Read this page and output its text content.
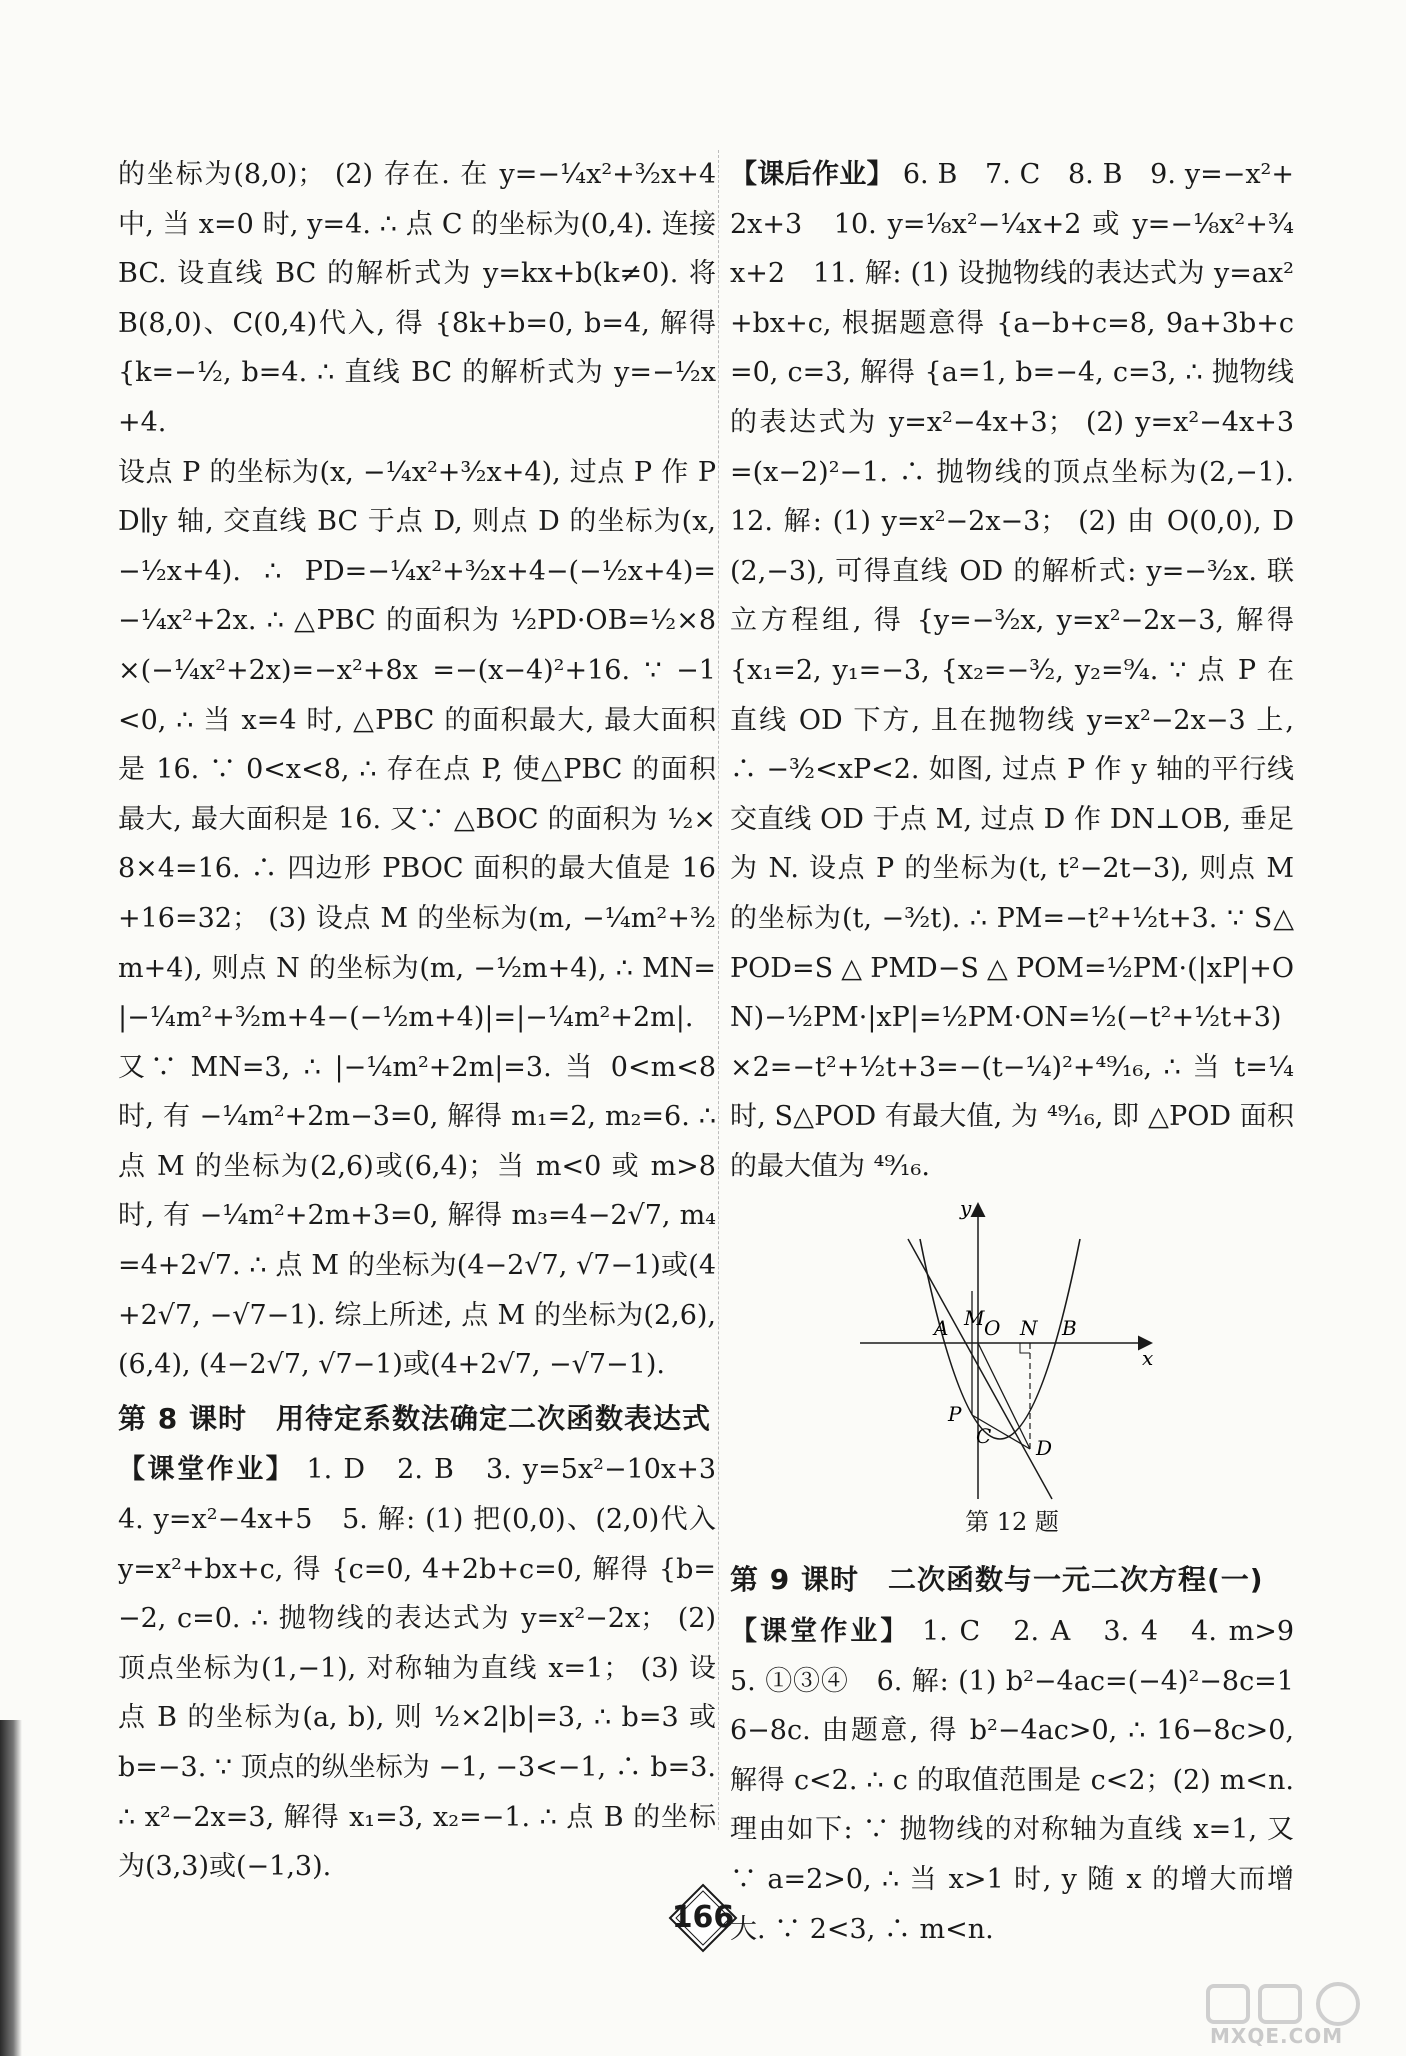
的坐标为(8,0)； (2) 存在. 在 y=−¹⁄₄x²+³⁄₂x+4 中, 当 x=0 时, y=4. ∴ 点 C 的坐标为(0,4). 连接 BC. 设直线 BC 的解析式为 y=kx+b(k≠0). 将 B(8,0)、C(0,4)代入, 得 {8k+b=0, b=4, 解得 {k=−¹⁄₂, b=4. ∴ 直线 BC 的解析式为 y=−¹⁄₂x+4.

设点 P 的坐标为(x, −¹⁄₄x²+³⁄₂x+4), 过点 P 作 PD∥y 轴, 交直线 BC 于点 D, 则点 D 的坐标为(x, −¹⁄₂x+4). ∴ PD=−¹⁄₄x²+³⁄₂x+4−(−¹⁄₂x+4)=−¹⁄₄x²+2x. ∴ △PBC 的面积为 ¹⁄₂PD·OB=¹⁄₂×8×(−¹⁄₄x²+2x)=−x²+8x =−(x−4)²+16. ∵ −1<0, ∴ 当 x=4 时, △PBC 的面积最大, 最大面积是 16. ∵ 0<x<8, ∴ 存在点 P, 使△PBC 的面积最大, 最大面积是 16. 又∵ △BOC 的面积为 ¹⁄₂×8×4=16. ∴ 四边形 PBOC 面积的最大值是 16+16=32； (3) 设点 M 的坐标为(m, −¹⁄₄m²+³⁄₂m+4), 则点 N 的坐标为(m, −¹⁄₂m+4), ∴ MN=|−¹⁄₄m²+³⁄₂m+4−(−¹⁄₂m+4)|=|−¹⁄₄m²+2m|. 又∵ MN=3, ∴ |−¹⁄₄m²+2m|=3. 当 0<m<8 时, 有 −¹⁄₄m²+2m−3=0, 解得 m₁=2, m₂=6. ∴ 点 M 的坐标为(2,6)或(6,4)；当 m<0 或 m>8 时, 有 −¹⁄₄m²+2m+3=0, 解得 m₃=4−2√7, m₄=4+2√7. ∴ 点 M 的坐标为(4−2√7, √7−1)或(4+2√7, −√7−1). 综上所述, 点 M 的坐标为(2,6), (6,4), (4−2√7, √7−1)或(4+2√7, −√7−1).

第 8 课时　用待定系数法确定二次函数表达式

【课堂作业】 1. D　2. B　3. y=5x²−10x+3　4. y=x²−4x+5　5. 解: (1) 把(0,0)、(2,0)代入 y=x²+bx+c, 得 {c=0, 4+2b+c=0, 解得 {b=−2, c=0. ∴ 抛物线的表达式为 y=x²−2x； (2) 顶点坐标为(1,−1), 对称轴为直线 x=1； (3) 设点 B 的坐标为(a, b), 则 ¹⁄₂×2|b|=3, ∴ b=3 或 b=−3. ∵ 顶点的纵坐标为 −1, −3<−1, ∴ b=3. ∴ x²−2x=3, 解得 x₁=3, x₂=−1. ∴ 点 B 的坐标为(3,3)或(−1,3).

【课后作业】 6. B　7. C　8. B　9. y=−x²+2x+3　10. y=¹⁄₈x²−¹⁄₄x+2 或 y=−¹⁄₈x²+³⁄₄x+2　11. 解: (1) 设抛物线的表达式为 y=ax²+bx+c, 根据题意得 {a−b+c=8, 9a+3b+c=0, c=3, 解得 {a=1, b=−4, c=3, ∴ 抛物线的表达式为 y=x²−4x+3； (2) y=x²−4x+3=(x−2)²−1. ∴ 抛物线的顶点坐标为(2,−1).　12. 解: (1) y=x²−2x−3； (2) 由 O(0,0), D(2,−3), 可得直线 OD 的解析式: y=−³⁄₂x. 联立方程组, 得 {y=−³⁄₂x, y=x²−2x−3, 解得 {x₁=2, y₁=−3, {x₂=−³⁄₂, y₂=⁹⁄₄. ∵ 点 P 在直线 OD 下方, 且在抛物线 y=x²−2x−3 上, ∴ −³⁄₂<xP<2. 如图, 过点 P 作 y 轴的平行线交直线 OD 于点 M, 过点 D 作 DN⊥OB, 垂足为 N. 设点 P 的坐标为(t, t²−2t−3), 则点 M 的坐标为(t, −³⁄₂t). ∴ PM=−t²+¹⁄₂t+3. ∵ S△POD=S△PMD−S△POM=¹⁄₂PM·(|xP|+ON)−¹⁄₂PM·|xP|=¹⁄₂PM·ON=¹⁄₂(−t²+¹⁄₂t+3)×2=−t²+¹⁄₂t+3=−(t−¹⁄₄)²+⁴⁹⁄₁₆, ∴ 当 t=¹⁄₄ 时, S△POD 有最大值, 为 ⁴⁹⁄₁₆, 即 △POD 面积的最大值为 ⁴⁹⁄₁₆.

y
x
A M O N B
P
C D
第 12 题
第 9 课时　二次函数与一元二次方程(一)

【课堂作业】 1. C　2. A　3. 4　4. m>9　5. ①③④　6. 解: (1) b²−4ac=(−4)²−8c=16−8c. 由题意, 得 b²−4ac>0, ∴ 16−8c>0, 解得 c<2. ∴ c 的取值范围是 c<2；(2) m<n. 理由如下: ∵ 抛物线的对称轴为直线 x=1, 又∵ a=2>0, ∴ 当 x>1 时, y 随 x 的增大而增大. ∵ 2<3, ∴ m<n.

166
MXQE.COM
